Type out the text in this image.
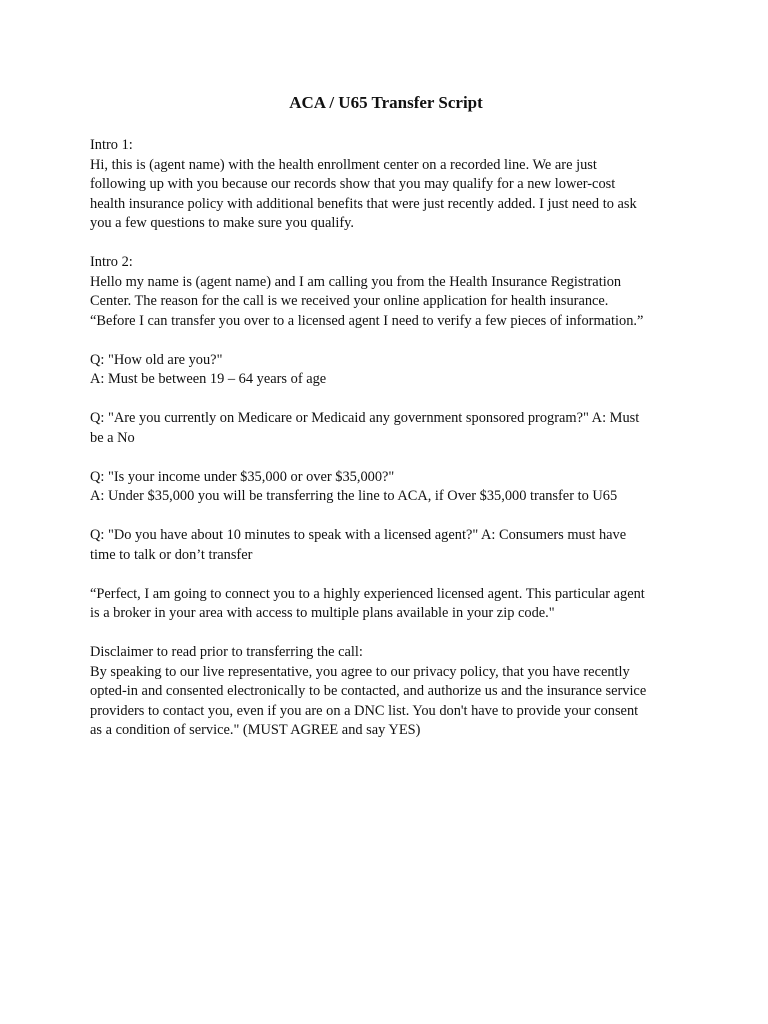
ACA / U65 Transfer Script
Intro 1:
Hi, this is (agent name) with the health enrollment center on a recorded line. We are just
following up with you because our records show that you may qualify for a new lower-cost
health insurance policy with additional benefits that were just recently added. I just need to ask
you a few questions to make sure you qualify.
Intro 2:
Hello my name is (agent name) and I am calling you from the Health Insurance Registration
Center. The reason for the call is we received your online application for health insurance.
“Before I can transfer you over to a licensed agent I need to verify a few pieces of information.”
Q: "How old are you?"
A: Must be between 19 – 64 years of age
Q: "Are you currently on Medicare or Medicaid any government sponsored program?" A: Must
be a No
Q: "Is your income under $35,000 or over $35,000?"
A: Under $35,000 you will be transferring the line to ACA, if Over $35,000 transfer to U65
Q: "Do you have about 10 minutes to speak with a licensed agent?" A: Consumers must have
time to talk or don’t transfer
“Perfect, I am going to connect you to a highly experienced licensed agent. This particular agent
is a broker in your area with access to multiple plans available in your zip code."
Disclaimer to read prior to transferring the call:
By speaking to our live representative, you agree to our privacy policy, that you have recently
opted-in and consented electronically to be contacted, and authorize us and the insurance service
providers to contact you, even if you are on a DNC list. You don't have to provide your consent
as a condition of service." (MUST AGREE and say YES)
